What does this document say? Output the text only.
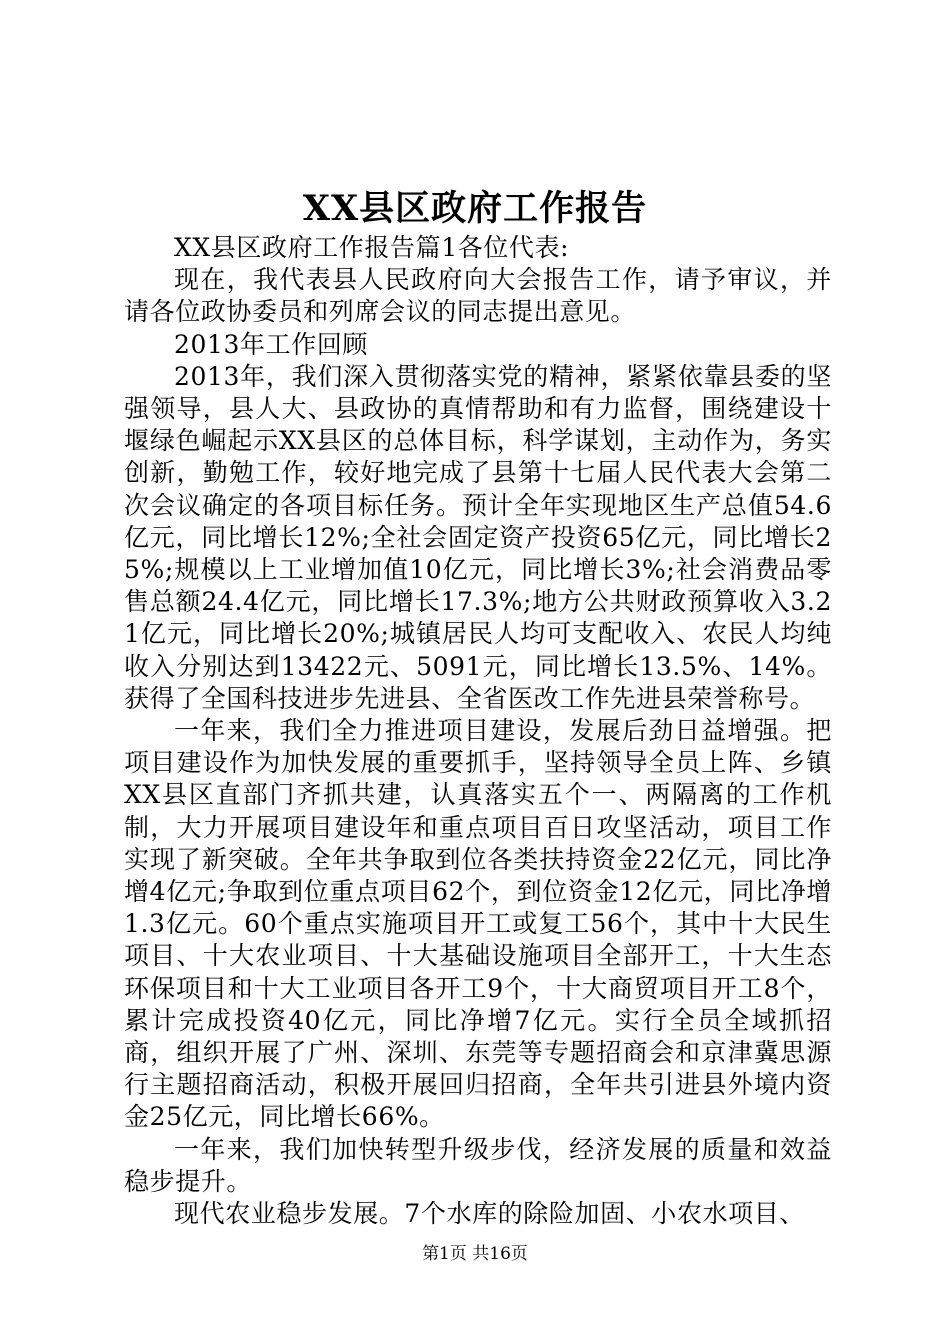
XX县区政府工作报告

XX县区政府工作报告篇1各位代表:

现在，我代表县人民政府向大会报告工作，请予审议，并请各位政协委员和列席会议的同志提出意见。

2013年工作回顾

2013年，我们深入贯彻落实党的精神，紧紧依靠县委的坚强领导，县人大、县政协的真情帮助和有力监督，围绕建设十堰绿色崛起示XX县区的总体目标，科学谋划，主动作为，务实创新，勤勉工作，较好地完成了县第十七届人民代表大会第二次会议确定的各项目标任务。预计全年实现地区生产总值54.6亿元，同比增长12%;全社会固定资产投资65亿元，同比增长25%;规模以上工业增加值10亿元，同比增长3%;社会消费品零售总额24.4亿元，同比增长17.3%;地方公共财政预算收入3.21亿元，同比增长20%;城镇居民人均可支配收入、农民人均纯收入分别达到13422元、5091元，同比增长13.5%、14%。获得了全国科技进步先进县、全省医改工作先进县荣誉称号。

一年来，我们全力推进项目建设，发展后劲日益增强。把项目建设作为加快发展的重要抓手，坚持领导全员上阵、乡镇XX县区直部门齐抓共建，认真落实五个一、两隔离的工作机制，大力开展项目建设年和重点项目百日攻坚活动，项目工作实现了新突破。全年共争取到位各类扶持资金22亿元，同比净增4亿元;争取到位重点项目62个，到位资金12亿元，同比净增1.3亿元。60个重点实施项目开工或复工56个，其中十大民生项目、十大农业项目、十大基础设施项目全部开工，十大生态环保项目和十大工业项目各开工9个，十大商贸项目开工8个，累计完成投资40亿元，同比净增7亿元。实行全员全域抓招商，组织开展了广州、深圳、东莞等专题招商会和京津冀思源行主题招商活动，积极开展回归招商，全年共引进县外境内资金25亿元，同比增长66%。

一年来，我们加快转型升级步伐，经济发展的质量和效益稳步提升。

现代农业稳步发展。7个水库的除险加固、小农水项目、

第1页 共16页
